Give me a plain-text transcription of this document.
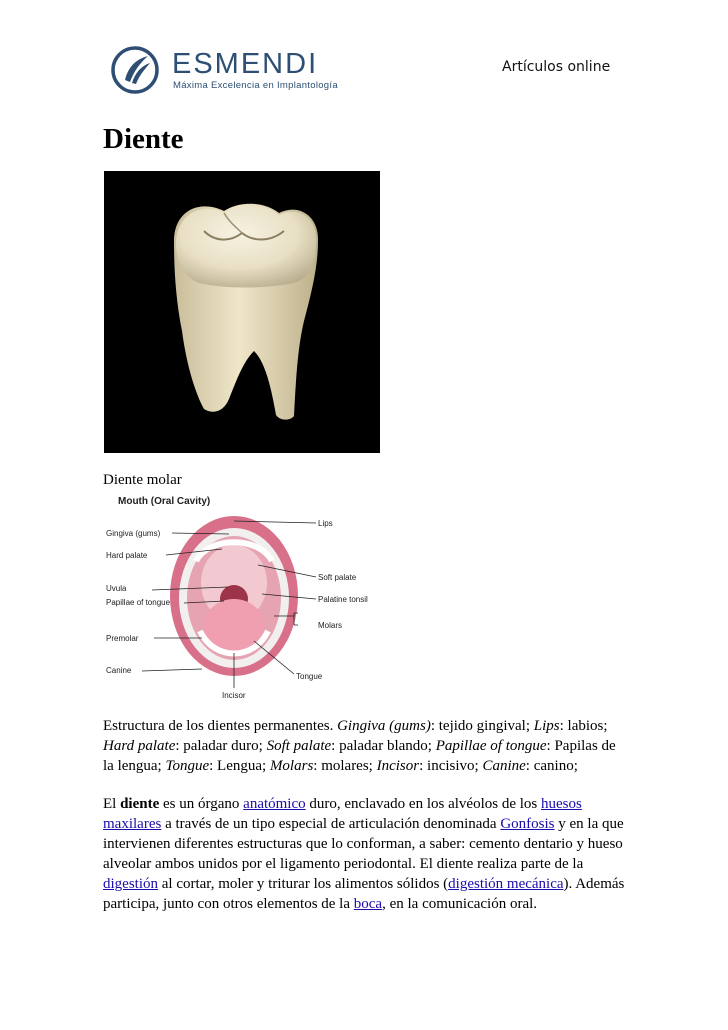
ESMENDI
Máxima Excelencia en Implantología
Artículos online
Diente
Diente molar
Mouth (Oral Cavity)
Lips
Gingiva (gums)
Hard palate
Soft palate
Uvula
Papillae of tongue	Palatine tonsil
Molars
Premolar
Canine
Tongue
Incisor
Estructura de los dientes permanentes. Gingiva (gums): tejido gingival; Lips: labios; Hard palate: paladar duro; Soft palate: paladar blando; Papillae of tongue: Papilas de la lengua; Tongue: Lengua; Molars: molares; Incisor: incisivo; Canine: canino;
El diente es un órgano anatómico duro, enclavado en los alvéolos de los huesos maxilares a través de un tipo especial de articulación denominada Gonfosis y en la que intervienen diferentes estructuras que lo conforman, a saber: cemento dentario y hueso alveolar ambos unidos por el ligamento periodontal. El diente realiza parte de la digestión al cortar, moler y triturar los alimentos sólidos (digestión mecánica). Además participa, junto con otros elementos de la boca, en la comunicación oral.
